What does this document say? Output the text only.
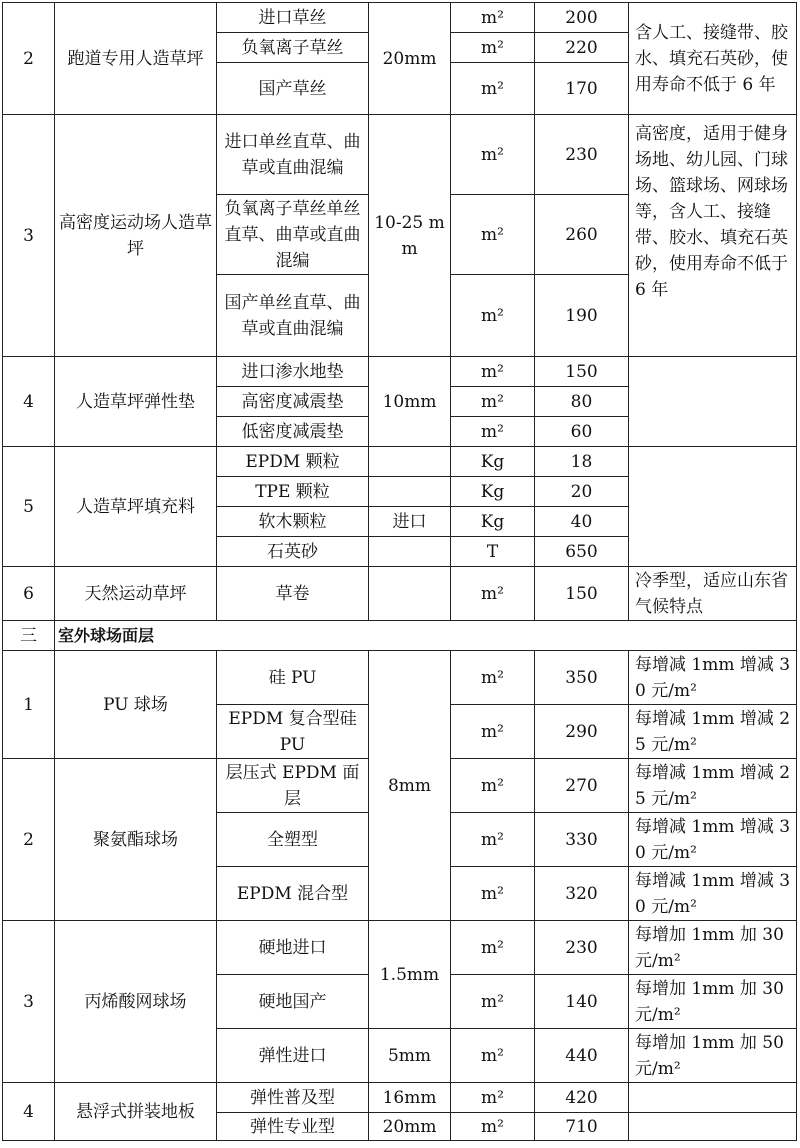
2	跑道专用人造草坪	进口草丝	20mm	m²	200	含人工、接缝带、胶水、填充石英砂，使用寿命不低于 6 年
		负氧离子草丝		m²	220	
		国产草丝		m²	170	
3	高密度运动场人造草坪	进口单丝直草、曲草或直曲混编	10-25 mm	m²	230	高密度，适用于健身场地、幼儿园、门球场、篮球场、网球场等，含人工、接缝带、胶水、填充石英砂，使用寿命不低于 6 年
		负氧离子草丝单丝直草、曲草或直曲混编		m²	260	
		国产单丝直草、曲草或直曲混编		m²	190	
4	人造草坪弹性垫	进口渗水地垫	10mm	m²	150	
		高密度减震垫		m²	80	
		低密度减震垫		m²	60	
5	人造草坪填充料	EPDM 颗粒		Kg	18	
		TPE 颗粒		Kg	20	
		软木颗粒	进口	Kg	40	
		石英砂		T	650	
6	天然运动草坪	草卷		m²	150	冷季型，适应山东省气候特点
三	室外球场面层					
1	PU 球场	硅 PU	8mm	m²	350	每增减 1mm 增减 30 元/m²
		EPDM 复合型硅 PU		m²	290	每增减 1mm 增减 25 元/m²
2	聚氨酯球场	层压式 EPDM 面层		m²	270	每增减 1mm 增减 25 元/m²
		全塑型		m²	330	每增减 1mm 增减 30 元/m²
		EPDM 混合型		m²	320	每增减 1mm 增减 30 元/m²
3	丙烯酸网球场	硬地进口	1.5mm	m²	230	每增加 1mm 加 30 元/m²
		硬地国产		m²	140	每增加 1mm 加 30 元/m²
		弹性进口	5mm	m²	440	每增加 1mm 加 50 元/m²
4	悬浮式拼装地板	弹性普及型	16mm	m²	420	
		弹性专业型	20mm	m²	710	
